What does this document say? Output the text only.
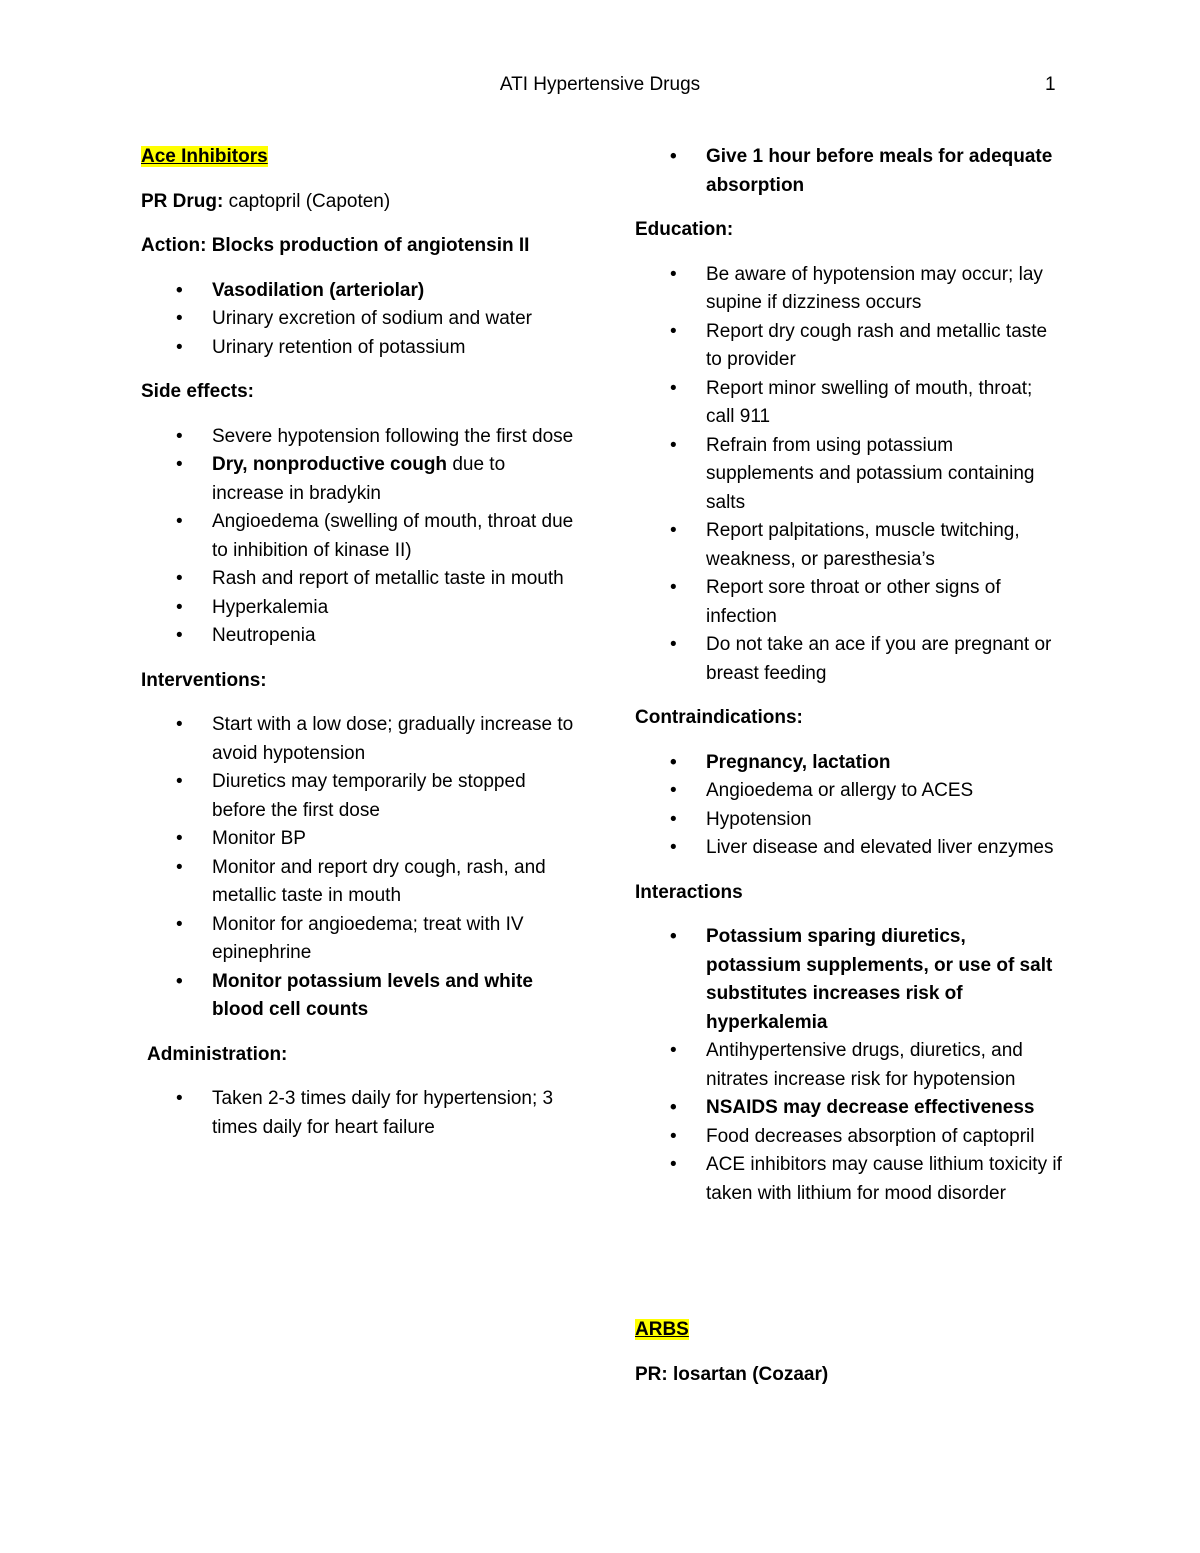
ATI Hypertensive Drugs	1

Ace Inhibitors

PR Drug: captopril (Capoten)

Action: Blocks production of angiotensin II

• Vasodilation (arteriolar)
• Urinary excretion of sodium and water
• Urinary retention of potassium

Side effects:

• Severe hypotension following the first dose
• Dry, nonproductive cough due to increase in bradykin
• Angioedema (swelling of mouth, throat due to inhibition of kinase II)
• Rash and report of metallic taste in mouth
• Hyperkalemia
• Neutropenia

Interventions:

• Start with a low dose; gradually increase to avoid hypotension
• Diuretics may temporarily be stopped before the first dose
• Monitor BP
• Monitor and report dry cough, rash, and metallic taste in mouth
• Monitor for angioedema; treat with IV epinephrine
• Monitor potassium levels and white blood cell counts

Administration:

• Taken 2-3 times daily for hypertension; 3 times daily for heart failure
• Give 1 hour before meals for adequate absorption

Education:

• Be aware of hypotension may occur; lay supine if dizziness occurs
• Report dry cough rash and metallic taste to provider
• Report minor swelling of mouth, throat; call 911
• Refrain from using potassium supplements and potassium containing salts
• Report palpitations, muscle twitching, weakness, or paresthesia’s
• Report sore throat or other signs of infection
• Do not take an ace if you are pregnant or breast feeding

Contraindications:

• Pregnancy, lactation
• Angioedema or allergy to ACES
• Hypotension
• Liver disease and elevated liver enzymes

Interactions

• Potassium sparing diuretics, potassium supplements, or use of salt substitutes increases risk of hyperkalemia
• Antihypertensive drugs, diuretics, and nitrates increase risk for hypotension
• NSAIDS may decrease effectiveness
• Food decreases absorption of captopril
• ACE inhibitors may cause lithium toxicity if taken with lithium for mood disorder

ARBS

PR: losartan (Cozaar)
